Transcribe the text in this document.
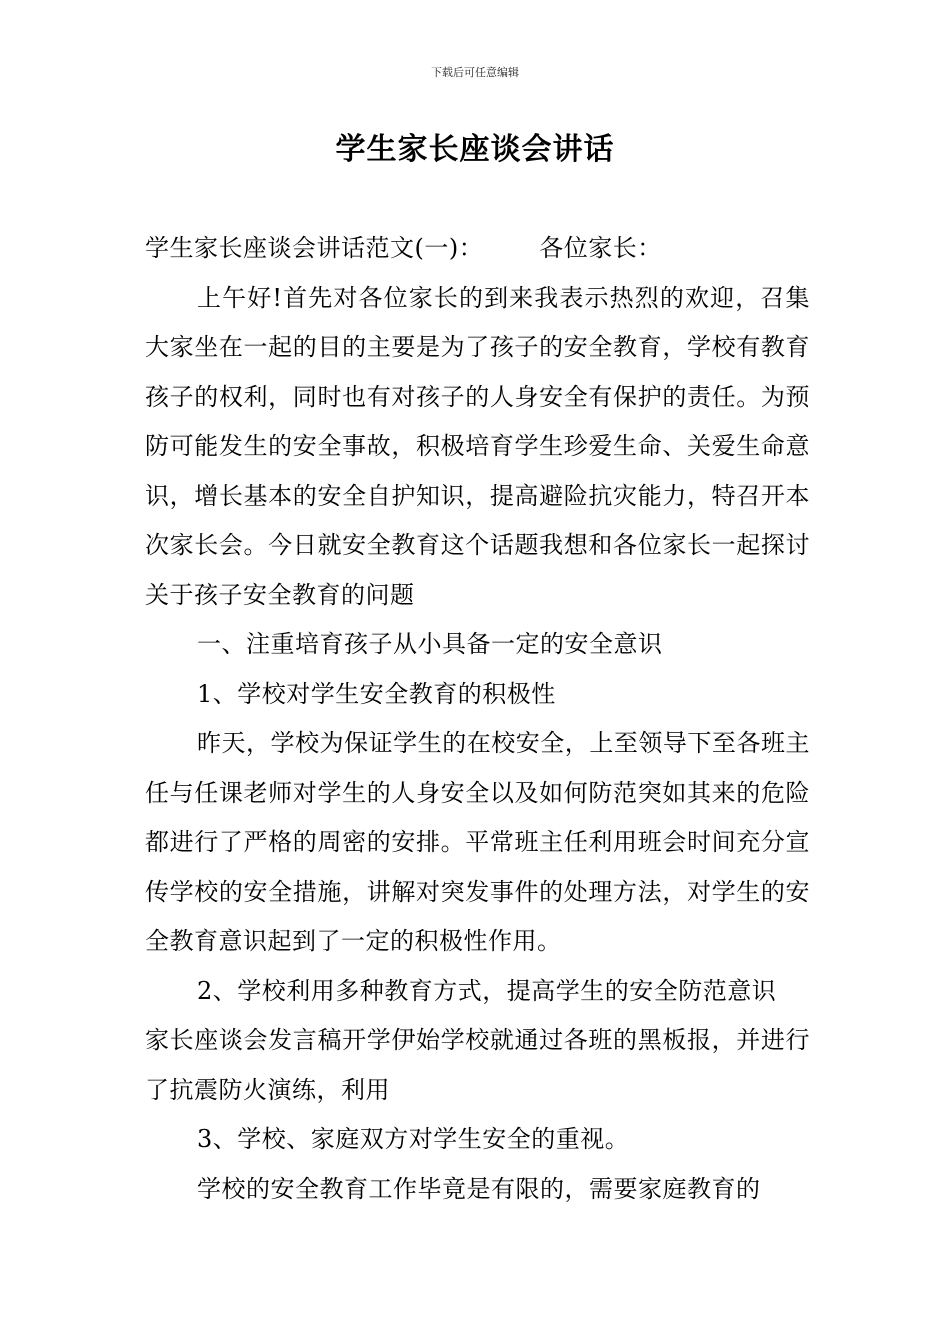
下载后可任意编辑
学生家长座谈会讲话

学生家长座谈会讲话范文(一)： 各位家长：

上午好!首先对各位家长的到来我表示热烈的欢迎，召集大家坐在一起的目的主要是为了孩子的安全教育，学校有教育孩子的权利，同时也有对孩子的人身安全有保护的责任。为预防可能发生的安全事故，积极培育学生珍爱生命、关爱生命意识，增长基本的安全自护知识，提高避险抗灾能力，特召开本次家长会。今日就安全教育这个话题我想和各位家长一起探讨关于孩子安全教育的问题

一、注重培育孩子从小具备一定的安全意识

1、学校对学生安全教育的积极性

昨天，学校为保证学生的在校安全，上至领导下至各班主任与任课老师对学生的人身安全以及如何防范突如其来的危险都进行了严格的周密的安排。平常班主任利用班会时间充分宣传学校的安全措施，讲解对突发事件的处理方法，对学生的安全教育意识起到了一定的积极性作用。

2、学校利用多种教育方式，提高学生的安全防范意识

家长座谈会发言稿开学伊始学校就通过各班的黑板报，并进行了抗震防火演练，利用

3、学校、家庭双方对学生安全的重视。

学校的安全教育工作毕竟是有限的，需要家庭教育的
